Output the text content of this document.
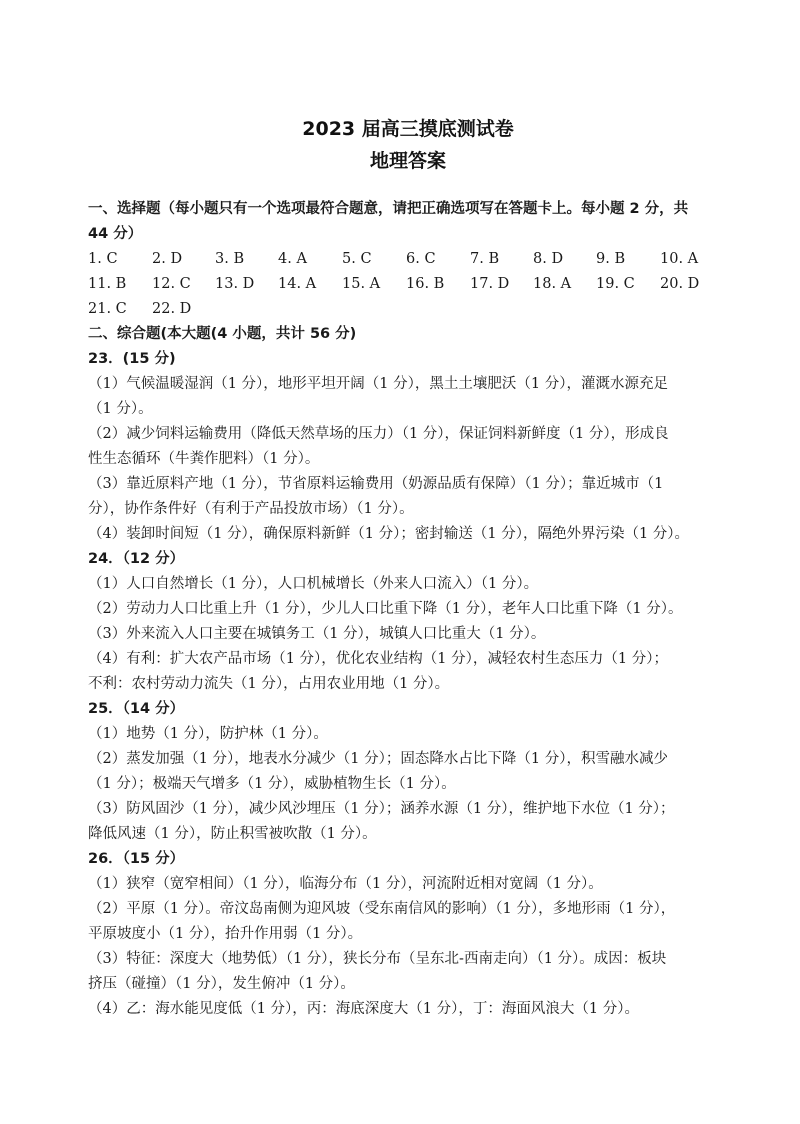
2023 届高三摸底测试卷
地理答案
一、选择题（每小题只有一个选项最符合题意，请把正确选项写在答题卡上。每小题 2 分，共
44 分）
1. C 2. D 3. B 4. A 5. C 6. C 7. B 8. D 9. B 10. A
11. B 12. C 13. D 14. A 15. A 16. B 17. D 18. A 19. C 20. D
21. C 22. D
二、综合题(本大题(4 小题，共计 56 分)
23．(15 分)
（1）气候温暖湿润（1 分），地形平坦开阔（1 分），黑土土壤肥沃（1 分），灌溉水源充足
（1 分）。
（2）减少饲料运输费用（降低天然草场的压力）（1 分），保证饲料新鲜度（1 分），形成良
性生态循环（牛粪作肥料）（1 分）。
（3）靠近原料产地（1 分），节省原料运输费用（奶源品质有保障）（1 分）；靠近城市（1
分），协作条件好（有利于产品投放市场）（1 分）。
（4）装卸时间短（1 分），确保原料新鲜（1 分）；密封输送（1 分），隔绝外界污染（1 分）。
24．（12 分）
（1）人口自然增长（1 分），人口机械增长（外来人口流入）（1 分）。
（2）劳动力人口比重上升（1 分），少儿人口比重下降（1 分），老年人口比重下降（1 分）。
（3）外来流入人口主要在城镇务工（1 分），城镇人口比重大（1 分）。
（4）有利：扩大农产品市场（1 分），优化农业结构（1 分），减轻农村生态压力（1 分）；
不利：农村劳动力流失（1 分），占用农业用地（1 分）。
25．（14 分）
（1）地势（1 分），防护林（1 分）。
（2）蒸发加强（1 分），地表水分减少（1 分）；固态降水占比下降（1 分），积雪融水减少
（1 分）；极端天气增多（1 分），威胁植物生长（1 分）。
（3）防风固沙（1 分），减少风沙埋压（1 分）；涵养水源（1 分），维护地下水位（1 分）；
降低风速（1 分），防止积雪被吹散（1 分）。
26．（15 分）
（1）狭窄（宽窄相间）（1 分），临海分布（1 分），河流附近相对宽阔（1 分）。
（2）平原（1 分）。帝汶岛南侧为迎风坡（受东南信风的影响）（1 分），多地形雨（1 分），
平原坡度小（1 分），抬升作用弱（1 分）。
（3）特征：深度大（地势低）（1 分），狭长分布（呈东北-西南走向）（1 分）。成因：板块
挤压（碰撞）（1 分），发生俯冲（1 分）。
（4）乙：海水能见度低（1 分），丙：海底深度大（1 分），丁：海面风浪大（1 分）。
